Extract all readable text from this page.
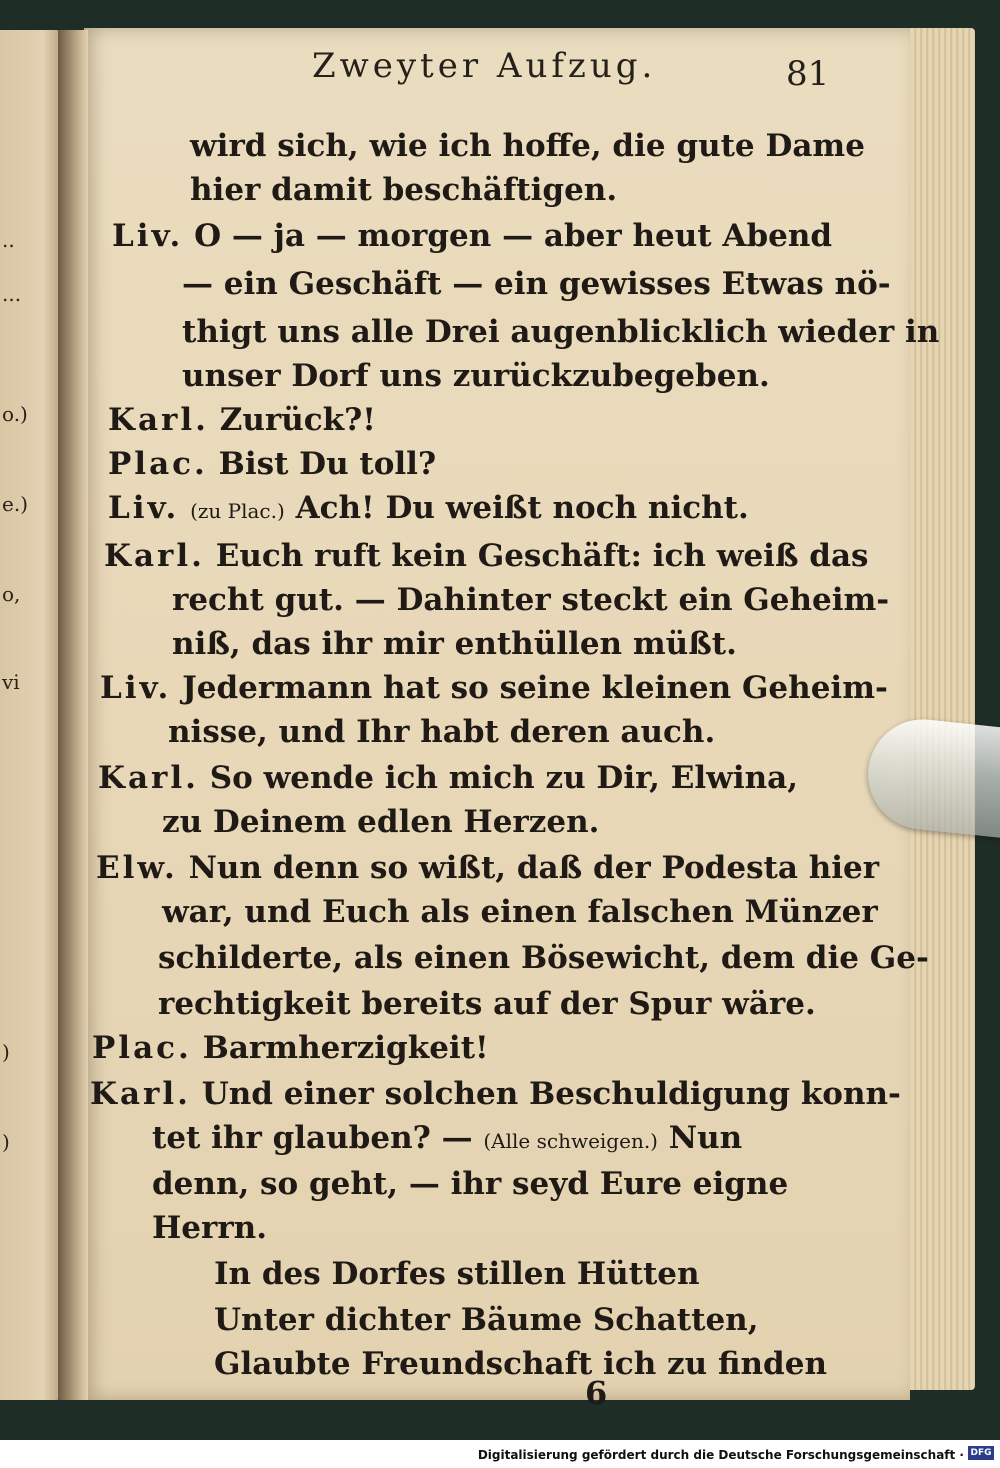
..
...
o.)
e.)
o,
vi
)
)
Zweyter Aufzug.	81
wird sich, wie ich hoffe, die gute Dame
hier damit beschäftigen.
Liv. O — ja — morgen — aber heut Abend
— ein Geschäft — ein gewisses Etwas nö-
thigt uns alle Drei augenblicklich wieder in
unser Dorf uns zurückzubegeben.
Karl. Zurück?!
Plac. Bist Du toll?
Liv. (zu Plac.) Ach! Du weißt noch nicht.
Karl. Euch ruft kein Geschäft: ich weiß das
recht gut. — Dahinter steckt ein Geheim-
niß, das ihr mir enthüllen müßt.
Liv. Jedermann hat so seine kleinen Geheim-
nisse, und Ihr habt deren auch.
Karl. So wende ich mich zu Dir, Elwina,
zu Deinem edlen Herzen.
Elw. Nun denn so wißt, daß der Podesta hier
war, und Euch als einen falschen Münzer
schilderte, als einen Bösewicht, dem die Ge-
rechtigkeit bereits auf der Spur wäre.
Plac. Barmherzigkeit!
Karl. Und einer solchen Beschuldigung konn-
tet ihr glauben? — (Alle schweigen.) Nun
denn, so geht, — ihr seyd Eure eigne
Herrn.
In des Dorfes stillen Hütten
Unter dichter Bäume Schatten,
Glaubte Freundschaft ich zu finden
6
Digitalisierung gefördert durch die Deutsche Forschungsgemeinschaft · DFG
